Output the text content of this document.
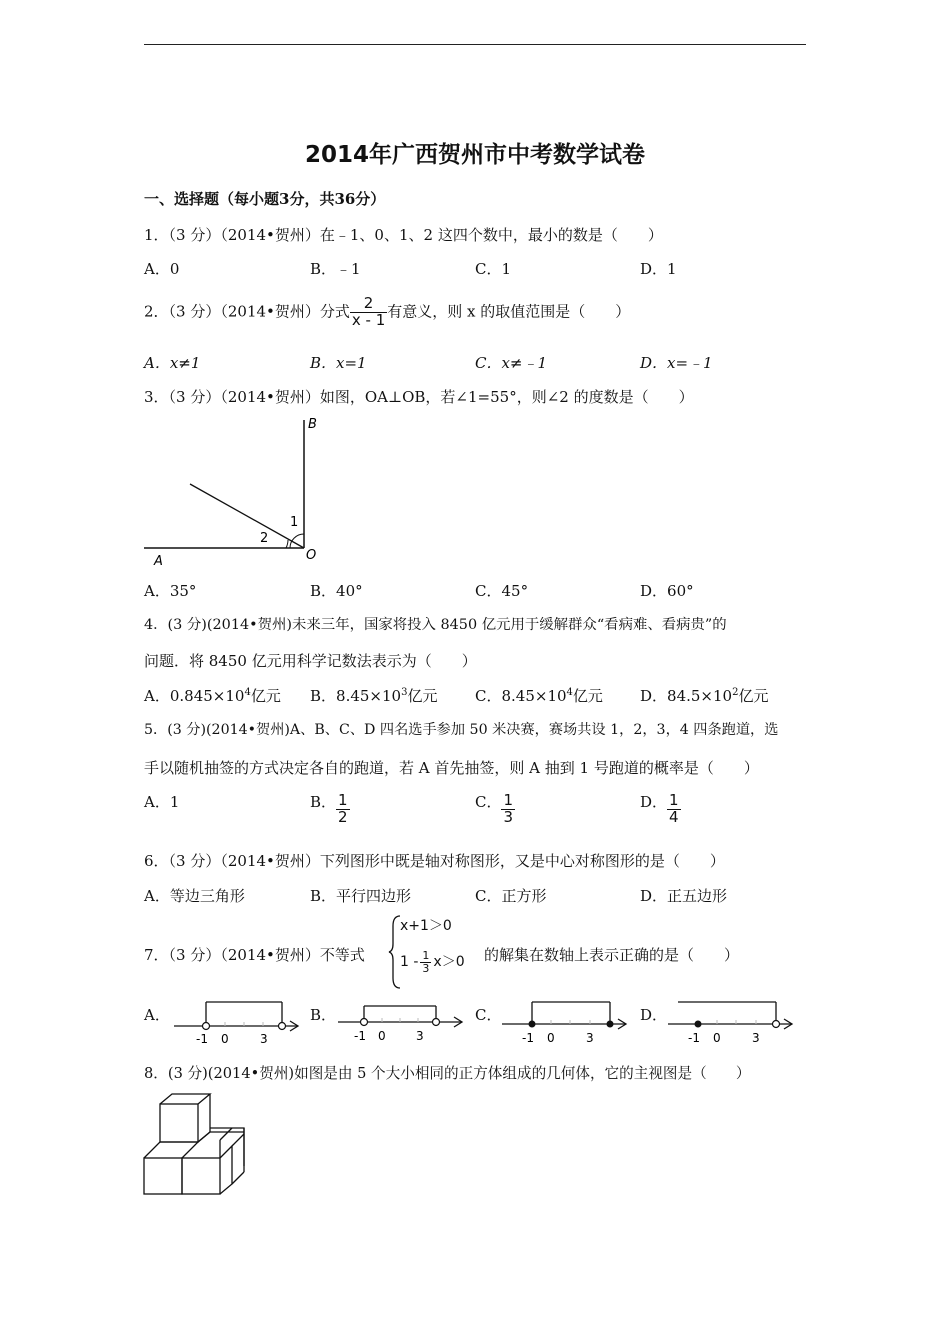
2014年广西贺州市中考数学试卷
一、选择题（每小题3分，共36分）
1．（3 分）（2014•贺州）在﹣1、0、1、2 这四个数中，最小的数是（　　）
A．0	B．﹣1	C．1	D．1
2．（3 分）（2014•贺州）分式 $\frac{2}{x - 1}$ 有意义，则 x 的取值范围是（　　）
A．x≠1	B．x=1	C．x≠﹣1	D．x=﹣1
3．（3 分）（2014•贺州）如图，OA⊥OB，若∠1=55°，则∠2 的度数是（　　）
B
A	O
1
2
A．35°	B．40°	C．45°	D．60°
4．(3 分)(2014•贺州)未来三年，国家将投入 8450 亿元用于缓解群众“看病难、看病贵”的
问题．将 8450 亿元用科学记数法表示为（　　）
A．$0.845\times 10^4$亿元 B．$8.45\times 10^3$亿元	C．$8.45\times 10^4$亿元 D．$84.5\times 10^2$亿元
5．(3 分)(2014•贺州)A、B、C、D 四名选手参加 50 米决赛，赛场共设 1，2，3，4 四条跑道，选
手以随机抽签的方式决定各自的跑道，若 A 首先抽签，则 A 抽到 1 号跑道的概率是（　　）
A．1	B． $\frac{1}{2}$	C． $\frac{1}{3}$	D． $\frac{1}{4}$
6．（3 分）（2014•贺州）下列图形中既是轴对称图形，又是中心对称图形的是（　　）
A．等边三角形	B．平行四边形	C．正方形	D．正五边形
7．（3 分）（2014•贺州）不等式
x+1＞0
$1 - \frac{1}{3} x>0$ 的解集在数轴上表示正确的是（　　）
A．
-1 0	3
B．
-1 0	3
C．
-1 0	3
D．
-1 0	3
8．(3 分)(2014•贺州)如图是由 5 个大小相同的正方体组成的几何体，它的主视图是（　　）
